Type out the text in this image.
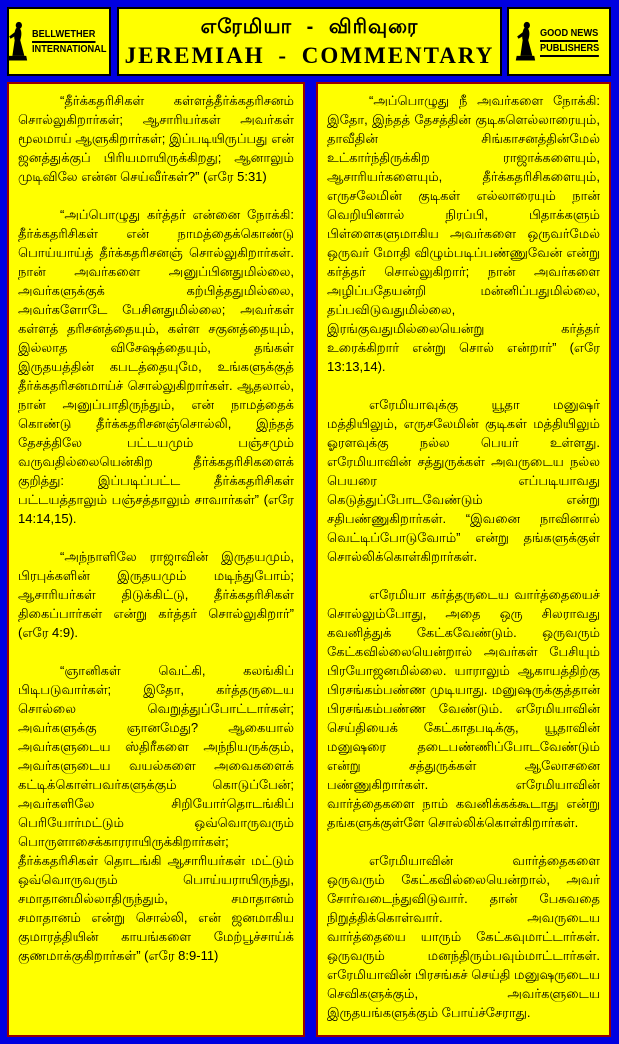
BELLWETHER
INTERNATIONAL
எரேமியா - விரிவுரை
JEREMIAH - COMMENTARY
GOOD NEWS
PUBLISHERS

“தீர்க்கதரிசிகள் கள்ளத்தீர்க்கதரிசனம் சொல்லுகிறார்கள்; ஆசாரியர்கள் அவர்கள் மூலமாய் ஆளுகிறார்கள்; இப்படியிருப்பது என் ஜனத்துக்குப் பிரியமாயிருக்கிறது; ஆனாலும் முடிவிலே என்ன செய்வீர்கள்?” (எரே 5:31)

“அப்பொழுது கர்த்தர் என்னை நோக்கி: தீர்க்கதரிசிகள் என் நாமத்தைக்கொண்டு பொய்யாய்த் தீர்க்கதரிசனஞ் சொல்லுகிறார்கள். நான் அவர்களை அனுப்பினதுமில்லை, அவர்களுக்குக் கற்பித்ததுமில்லை, அவர்களோடே பேசினதுமில்லை; அவர்கள் கள்ளத் தரிசனத்தையும், கள்ள சகுனத்தையும், இல்லாத விசேஷத்தையும், தங்கள் இருதயத்தின் கபடத்தையுமே, உங்களுக்குத் தீர்க்கதரிசனமாய்ச் சொல்லுகிறார்கள். ஆதலால், நான் அனுப்பாதிருந்தும், என் நாமத்தைக் கொண்டு தீர்க்கதரிசனஞ்சொல்லி, இந்தத் தேசத்திலே பட்டயமும் பஞ்சமும் வருவதில்லையென்கிற தீர்க்கதரிசிகளைக் குறித்து: இப்படிப்பட்ட தீர்க்கதரிசிகள் பட்டயத்தாலும் பஞ்சத்தாலும் சாவார்கள்” (எரே 14:14,15).

“அந்நாளிலே ராஜாவின் இருதயமும், பிரபுக்களின் இருதயமும் மடிந்துபோம்; ஆசாரியர்கள் திடுக்கிட்டு, தீர்க்கதரிசிகள் திகைப்பார்கள் என்று கர்த்தர் சொல்லுகிறார்” (எரே 4:9).

“ஞானிகள் வெட்கி, கலங்கிப் பிடிபடுவார்கள்; இதோ, கர்த்தருடைய சொல்லை வெறுத்துப்போட்டார்கள்; அவர்களுக்கு ஞானமேது? ஆகையால் அவர்களுடைய ஸ்திரீகளை அந்நியருக்கும், அவர்களுடைய வயல்களை அவைகளைக் கட்டிக்கொள்பவர்களுக்கும் கொடுப்பேன்; அவர்களிலே சிறியோர்தொடங்கிப் பெரியோர்மட்டும் ஒவ்வொருவரும் பொருளாசைக்காரராயிருக்கிறார்கள்; தீர்க்கதரிசிகள் தொடங்கி ஆசாரியர்கள் மட்டும் ஒவ்வொருவரும் பொய்யராயிருந்து, சமாதானமில்லாதிருந்தும், சமாதானம் சமாதானம் என்று சொல்லி, என் ஜனமாகிய குமாரத்தியின் காயங்களை மேற்பூச்சாய்க் குணமாக்குகிறார்கள்” (எரே 8:9-11)

“அப்பொழுது நீ அவர்களை நோக்கி: இதோ, இந்தத் தேசத்தின் குடிகளெல்லாரையும், தாவீதின் சிங்காசனத்தின்மேல் உட்கார்ந்திருக்கிற ராஜாக்களையும், ஆசாரியர்களையும், தீர்க்கதரிசிகளையும், எருசலேமின் குடிகள் எல்லாரையும் நான் வெறியினால் நிரப்பி, பிதாக்களும் பிள்ளைகளுமாகிய அவர்களை ஒருவர்மேல் ஒருவர் மோதி விழும்படிப்பண்ணுவேன் என்று கர்த்தர் சொல்லுகிறார்; நான் அவர்களை அழிப்பதேயன்றி மன்னிப்பதுமில்லை, தப்பவிடுவதுமில்லை, இரங்குவதுமில்லையென்று கர்த்தர் உரைக்கிறார் என்று சொல் என்றார்” (எரே 13:13,14).

எரேமியாவுக்கு யூதா மனுஷர் மத்தியிலும், எருசலேமின் குடிகள் மத்தியிலும் ஓரளவுக்கு நல்ல பெயர் உள்ளது. எரேமியாவின் சத்துருக்கள் அவருடைய நல்ல பெயரை எப்படியாவது கெடுத்துப்போடவேண்டும் என்று சதிபண்ணுகிறார்கள். “இவனை நாவினால் வெட்டிப்போடுவோம்” என்று தங்களுக்குள் சொல்லிக்கொள்கிறார்கள்.

எரேமியா கர்த்தருடைய வார்த்தையைச் சொல்லும்போது, அதை ஒரு சிலராவது கவனித்துக் கேட்கவேண்டும். ஒருவரும் கேட்கவில்லையென்றால் அவர்கள் பேசியும் பிரயோஜனமில்லை. யாராலும் ஆகாயத்திற்கு பிரசங்கம்பண்ண முடியாது. மனுஷருக்குத்தான் பிரசங்கம்பண்ண வேண்டும். எரேமியாவின் செய்தியைக் கேட்காதபடிக்கு, யூதாவின் மனுஷரை தடைபண்ணிப்போடவேண்டும் என்று சத்துருக்கள் ஆலோசனை பண்ணுகிறார்கள். எரேமியாவின் வார்த்தைகளை நாம் கவனிக்கக்கூடாது என்று தங்களுக்குள்ளே சொல்லிக்கொள்கிறார்கள்.

எரேமியாவின் வார்த்தைகளை ஒருவரும் கேட்கவில்லையென்றால், அவர் சோர்வடைந்துவிடுவார். தான் பேசுவதை நிறுத்திக்கொள்வார். அவருடைய வார்த்தையை யாரும் கேட்கவுமாட்டார்கள். ஒருவரும் மனந்திரும்பவும்மாட்டார்கள். எரேமியாவின் பிரசங்கச் செய்தி மனுஷருடைய செவிகளுக்கும், அவர்களுடைய இருதயங்களுக்கும் போய்ச்சேராது.
